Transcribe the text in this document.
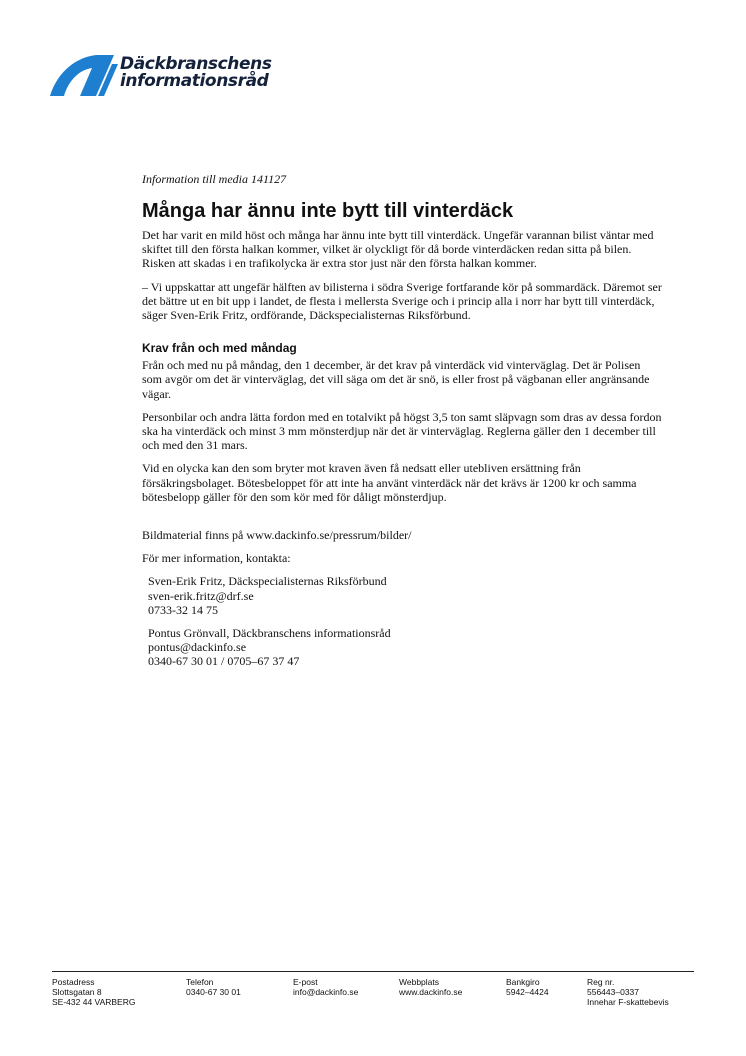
Däckbranschens
informationsråd
Information till media 141127
Många har ännu inte bytt till vinterdäck

Det har varit en mild höst och många har ännu inte bytt till vinterdäck. Ungefär varannan bilist väntar med skiftet till den första halkan kommer, vilket är olyckligt för då borde vinterdäcken redan sitta på bilen. Risken att skadas i en trafikolycka är extra stor just när den första halkan kommer.

– Vi uppskattar att ungefär hälften av bilisterna i södra Sverige fortfarande kör på sommardäck. Däremot ser det bättre ut en bit upp i landet, de flesta i mellersta Sverige och i princip alla i norr har bytt till vinterdäck, säger Sven-Erik Fritz, ordförande, Däckspecialisternas Riksförbund.

Krav från och med måndag

Från och med nu på måndag, den 1 december, är det krav på vinterdäck vid vinterväglag. Det är Polisen som avgör om det är vinterväglag, det vill säga om det är snö, is eller frost på vägbanan eller angränsande vägar.

Personbilar och andra lätta fordon med en totalvikt på högst 3,5 ton samt släpvagn som dras av dessa fordon ska ha vinterdäck och minst 3 mm mönsterdjup när det är vinterväglag. Reglerna gäller den 1 december till och med den 31 mars.

Vid en olycka kan den som bryter mot kraven även få nedsatt eller utebliven ersättning från försäkringsbolaget. Bötesbeloppet för att inte ha använt vinterdäck när det krävs är 1200 kr och samma bötesbelopp gäller för den som kör med för dåligt mönsterdjup.

Bildmaterial finns på www.dackinfo.se/pressrum/bilder/

För mer information, kontakta:

Sven-Erik Fritz, Däckspecialisternas Riksförbund
sven-erik.fritz@drf.se
0733-32 14 75
Pontus Grönvall, Däckbranschens informationsråd
pontus@dackinfo.se
0340-67 30 01 / 0705–67 37 47
Postadress
Slottsgatan 8
SE-432 44 VARBERG
Telefon
0340-67 30 01
E-post
info@dackinfo.se
Webbplats
www.dackinfo.se
Bankgiro
5942–4424
Reg nr.
556443–0337
Innehar F-skattebevis
